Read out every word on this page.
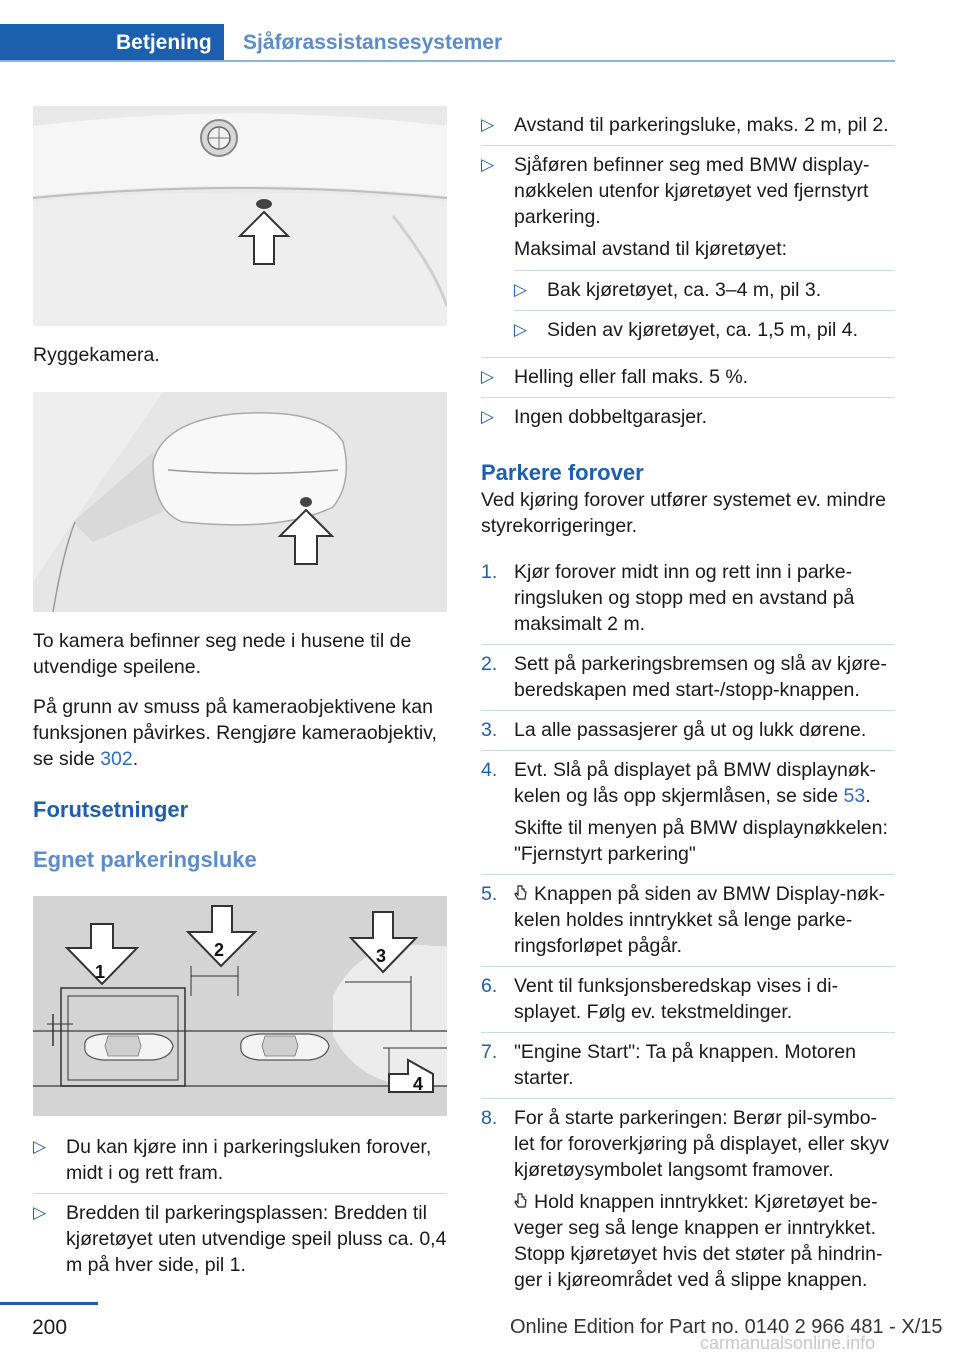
Betjening	Sjåførassistansesystemer
Ryggekamera.
To kamera befinner seg nede i husene til de utvendige speilene.
På grunn av smuss på kameraobjektivene kan funksjonen påvirkes. Rengjøre kameraobjektiv, se side 302.
Forutsetninger
Egnet parkeringsluke
1
2	3
4
▷ Du kan kjøre inn i parkeringsluken forover, midt i og rett fram.
▷ Bredden til parkeringsplassen: Bredden til kjøretøyet uten utvendige speil pluss ca. 0,4 m på hver side, pil 1.
▷ Avstand til parkeringsluke, maks. 2 m, pil 2.
▷ Sjåføren befinner seg med BMW display-nøkkelen utenfor kjøretøyet ved fjernstyrt parkering.
Maksimal avstand til kjøretøyet:
▷ Bak kjøretøyet, ca. 3–4 m, pil 3.
▷ Siden av kjøretøyet, ca. 1,5 m, pil 4.
▷ Helling eller fall maks. 5 %.
▷ Ingen dobbeltgarasjer.
Parkere forover
Ved kjøring forover utfører systemet ev. mindre styrekorrigeringer.
1. Kjør forover midt inn og rett inn i parke-ringsluken og stopp med en avstand på maksimalt 2 m.
2. Sett på parkeringsbremsen og slå av kjøre-beredskapen med start-/stopp-knappen.
3. La alle passasjerer gå ut og lukk dørene.
4. Evt. Slå på displayet på BMW displaynøk-kelen og lås opp skjermlåsen, se side 53.
Skifte til menyen på BMW displaynøkkelen: "Fjernstyrt parkering"
5. Knappen på siden av BMW Display-nøk-kelen holdes inntrykket så lenge parke-ringsforløpet pågår.
6. Vent til funksjonsberedskap vises i di-splayet. Følg ev. tekstmeldinger.
7. "Engine Start": Ta på knappen. Motoren starter.
8. For å starte parkeringen: Berør pil-symbo-let for foroverkjøring på displayet, eller skyv kjøretøysymbolet langsomt framover.
Hold knappen inntrykket: Kjøretøyet be-veger seg så lenge knappen er inntrykket. Stopp kjøretøyet hvis det støter på hindrin-ger i kjøreområdet ved å slippe knappen.
200	Online Edition for Part no. 0140 2 966 481 - X/15
carmanualsonline.info
